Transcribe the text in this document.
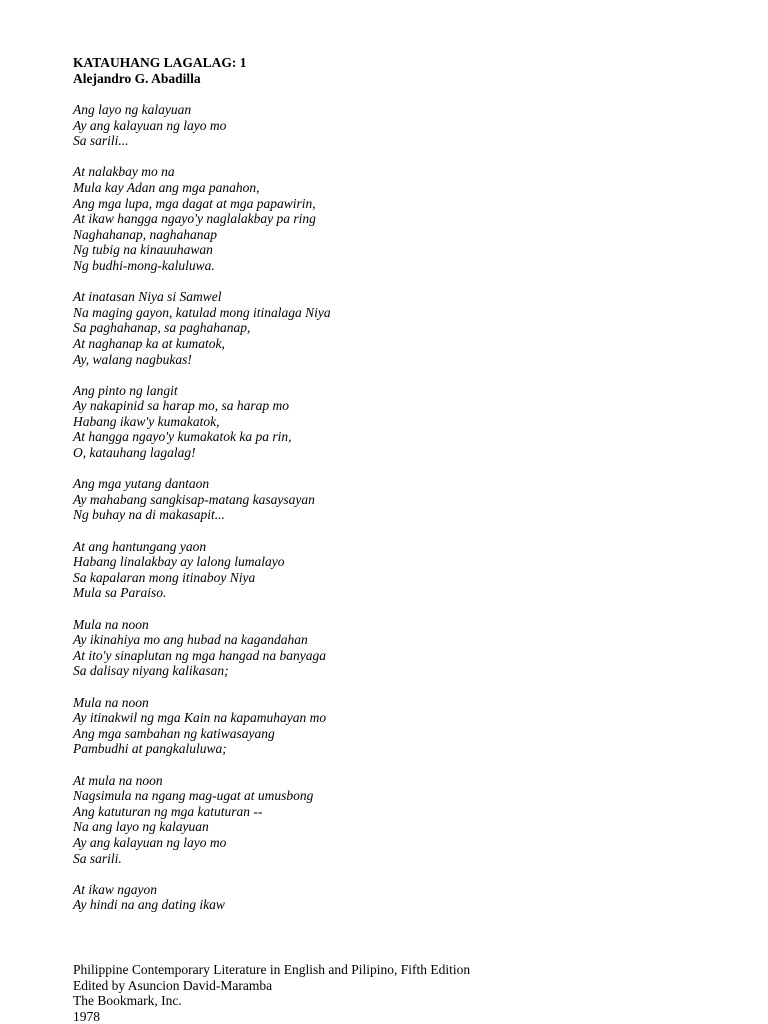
KATAUHANG LAGALAG: 1
Alejandro G. Abadilla
Ang layo ng kalayuan
Ay ang kalayuan ng layo mo
Sa sarili...
At nalakbay mo na
Mula kay Adan ang mga panahon,
Ang mga lupa, mga dagat at mga papawirin,
At ikaw hangga ngayo'y naglalakbay pa ring
Naghahanap, naghahanap
Ng tubig na kinauuhawan
Ng budhi-mong-kaluluwa.
At inatasan Niya si Samwel
Na maging gayon, katulad mong itinalaga Niya
Sa paghahanap, sa paghahanap,
At naghanap ka at kumatok,
Ay, walang nagbukas!
Ang pinto ng langit
Ay nakapinid sa harap mo, sa harap mo
Habang ikaw'y kumakatok,
At hangga ngayo'y kumakatok ka pa rin,
O, katauhang lagalag!
Ang mga yutang dantaon
Ay mahabang sangkisap-matang kasaysayan
Ng buhay na di makasapit...
At ang hantungang yaon
Habang linalakbay ay lalong lumalayo
Sa kapalaran mong itinaboy Niya
Mula sa Paraiso.
Mula na noon
Ay ikinahiya mo ang hubad na kagandahan
At ito'y sinaplutan ng mga hangad na banyaga
Sa dalisay niyang kalikasan;
Mula na noon
Ay itinakwil ng mga Kain na kapamuhayan mo
Ang mga sambahan ng katiwasayang
Pambudhi at pangkaluluwa;
At mula na noon
Nagsimula na ngang mag-ugat at umusbong
Ang katuturan ng mga katuturan --
Na ang layo ng kalayuan
Ay ang kalayuan ng layo mo
Sa sarili.
At ikaw ngayon
Ay hindi na ang dating ikaw
Philippine Contemporary Literature in English and Pilipino, Fifth Edition
Edited by Asuncion David-Maramba
The Bookmark, Inc.
1978
